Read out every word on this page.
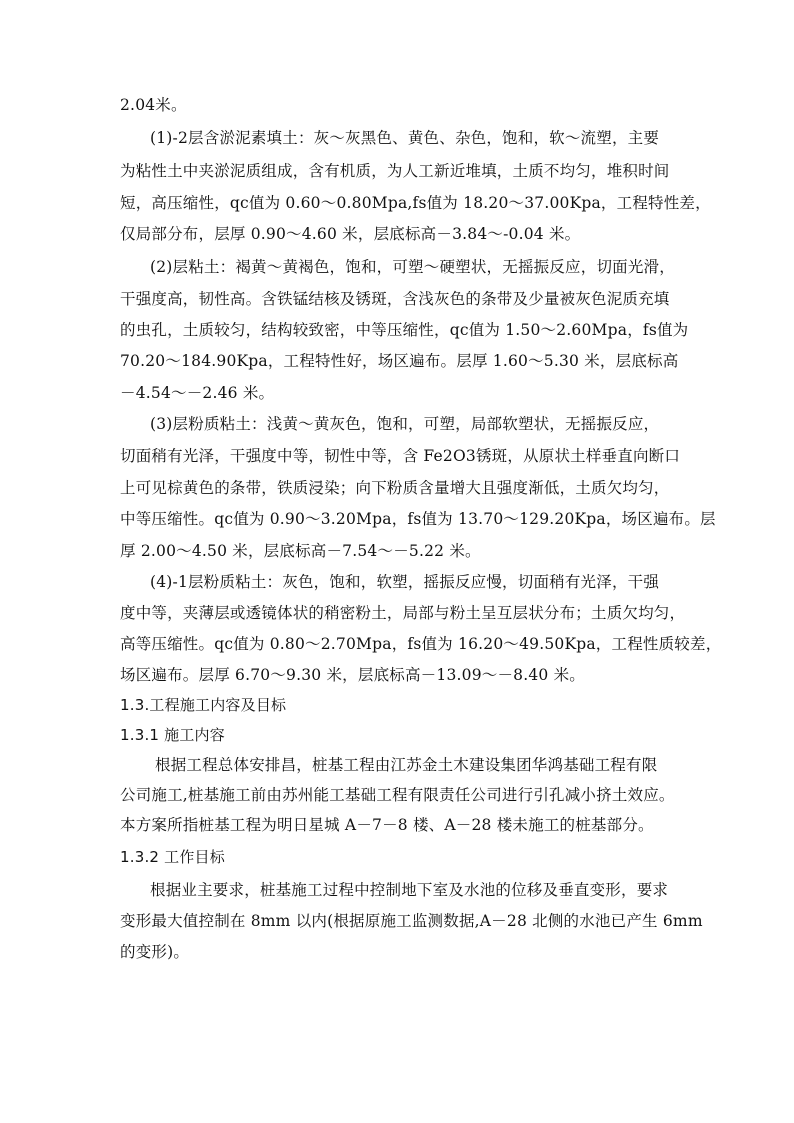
2.04米。
(1)-2层含淤泥素填土：灰～灰黑色、黄色、杂色，饱和，软～流塑，主要
为粘性土中夹淤泥质组成，含有机质，为人工新近堆填，土质不均匀，堆积时间
短，高压缩性，qc值为 0.60～0.80Mpa,fs值为 18.20～37.00Kpa，工程特性差，
仅局部分布，层厚 0.90～4.60 米，层底标高－3.84～-0.04 米。
(2)层粘土：褐黄～黄褐色，饱和，可塑～硬塑状，无摇振反应，切面光滑，
干强度高，韧性高。含铁锰结核及锈斑，含浅灰色的条带及少量被灰色泥质充填
的虫孔，土质较匀，结构较致密，中等压缩性，qc值为 1.50～2.60Mpa，fs值为
70.20～184.90Kpa，工程特性好，场区遍布。层厚 1.60～5.30 米，层底标高
－4.54～－2.46 米。
(3)层粉质粘土：浅黄～黄灰色，饱和，可塑，局部软塑状，无摇振反应，
切面稍有光泽，干强度中等，韧性中等，含 Fe2O3锈斑，从原状土样垂直向断口
上可见棕黄色的条带，铁质浸染；向下粉质含量增大且强度渐低，土质欠均匀，
中等压缩性。qc值为 0.90～3.20Mpa，fs值为 13.70～129.20Kpa，场区遍布。层
厚 2.00～4.50 米，层底标高－7.54～－5.22 米。
(4)-1层粉质粘土：灰色，饱和，软塑，摇振反应慢，切面稍有光泽，干强
度中等，夹薄层或透镜体状的稍密粉土，局部与粉土呈互层状分布；土质欠均匀，
高等压缩性。qc值为 0.80～2.70Mpa，fs值为 16.20～49.50Kpa，工程性质较差，
场区遍布。层厚 6.70～9.30 米，层底标高－13.09～－8.40 米。
1.3.工程施工内容及目标
1.3.1 施工内容
根据工程总体安排昌，桩基工程由江苏金土木建设集团华鸿基础工程有限
公司施工,桩基施工前由苏州能工基础工程有限责任公司进行引孔减小挤土效应。
本方案所指桩基工程为明日星城 A－7－8 楼、A－28 楼未施工的桩基部分。
1.3.2 工作目标
根据业主要求，桩基施工过程中控制地下室及水池的位移及垂直变形，要求
变形最大值控制在 8mm 以内(根据原施工监测数据,A－28 北侧的水池已产生 6mm
的变形)。
